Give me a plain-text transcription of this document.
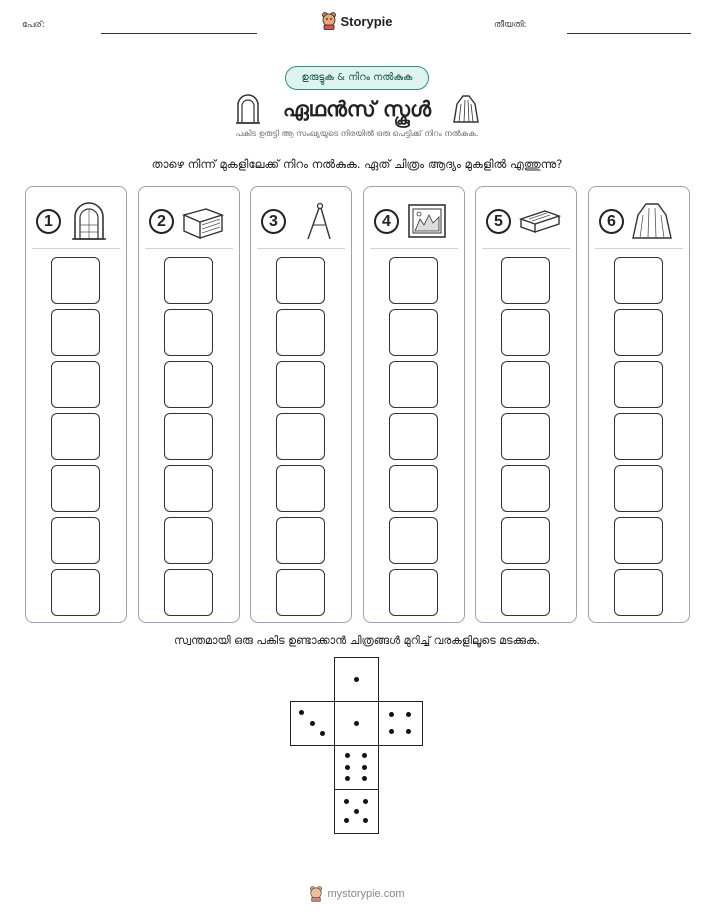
പേര്:	Storypie	തീയതി:
ഉരുട്ടുക & നിറം നൽകുക
ഏഥൻസ് സ്കൂൾ
പകിട ഉരുട്ടി ആ സംഖ്യയുടെ നിരയിൽ ഒരു പെട്ടിക്ക് നിറം നൽകുക.
താഴെ നിന്ന് മുകളിലേക്ക് നിറം നൽകുക. ഏത് ചിത്രം ആദ്യം മുകളിൽ എത്തുന്നു?
1	2	3	4	5	6
സ്വന്തമായി ഒരു പകിട ഉണ്ടാക്കാൻ ചിത്രങ്ങൾ മുറിച്ച് വരകളിലൂടെ മടക്കുക.
mystorypie.com
